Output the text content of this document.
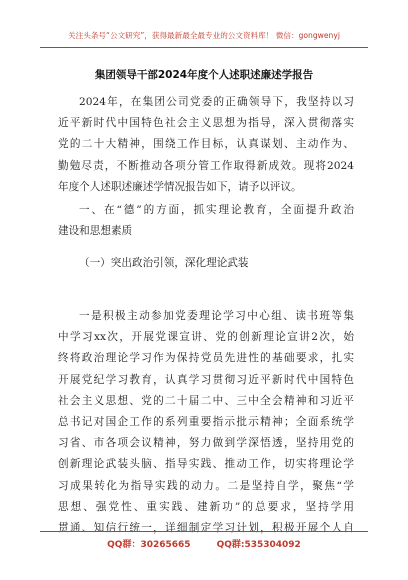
关注头条号“公文研究”，获得最新最全最专业的公文资料库！ 微信：gongwenyj
集团领导干部2024年度个人述职述廉述学报告
2024年，在集团公司党委的正确领导下，我坚持以习
近平新时代中国特色社会主义思想为指导，深入贯彻落实
党的二十大精神，围绕工作目标，认真谋划、主动作为、
勤勉尽责，不断推动各项分管工作取得新成效。现将2024
年度个人述职述廉述学情况报告如下，请予以评议。
一、在“德”的方面，抓实理论教育，全面提升政治
建设和思想素质
（一）突出政治引领，深化理论武装
一是积极主动参加党委理论学习中心组、读书班等集
中学习xx次，开展党课宣讲、党的创新理论宣讲2次，始
终将政治理论学习作为保持党员先进性的基础要求，扎实
开展党纪学习教育，认真学习贯彻习近平新时代中国特色
社会主义思想、党的二十届二中、三中全会精神和习近平
总书记对国企工作的系列重要指示批示精神；全面系统学
习省、市各项会议精神，努力做到学深悟透，坚持用党的
创新理论武装头脑、指导实践、推动工作，切实将理论学
习成果转化为指导实践的动力。二是坚持自学，聚焦“学
思想、强党性、重实践、建新功”的总要求，坚持学用
贯通、知信行统一，详细制定学习计划，积极开展个人自
QQ群：30265665	QQ群:535304092
